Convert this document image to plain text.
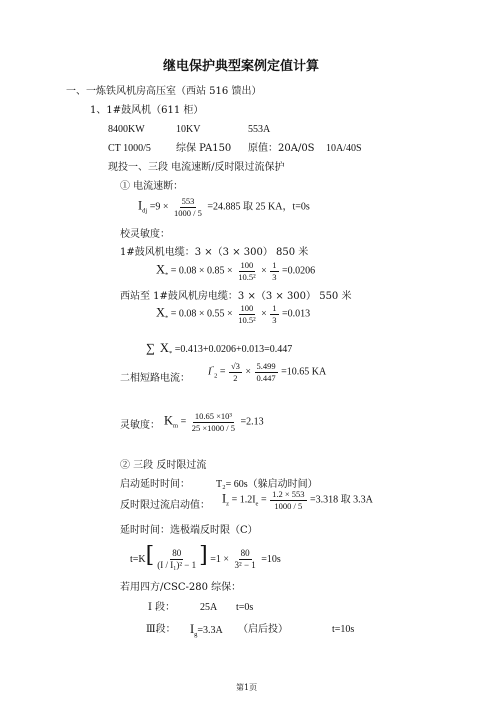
继电保护典型案例定值计算
一、一炼铁风机房高压室（西站 516 馈出）
1、1#鼓风机（611 柜）
8400KW	10KV	553A
CT 1000/5	综保 PA150 原值：20A/0S 10A/40S
现投一、三段 电流速断/反时限过流保护
① 电流速断：
$I_{dj} =9 \times \frac{553}{1000 / 5} =24.885$ 取 25 KA，t=0s
校灵敏度：
1#鼓风机电缆：3 ×（3 × 300） 850 米
$X_* = 0.08 \times 0.85 \times \frac{100}{\text{10.5²}} \times \frac{1}{3} =0.0206$
西站至 1#鼓风机房电缆：3 ×（3 × 300） 550 米
$X_* = 0.08 \times 0.55 \times \frac{100}{\text{10.5²}} \times \frac{1}{3} =0.013$
∑ $X_* =0.413+0.0206+0.013=0.447$
二相短路电流：
$I''_2 = \frac{√3}{2} \times \frac{5.499}{0.447} =10.65$ KA
灵敏度： $K_m = \frac{\text{10.65 ×10³}}{25 \times 1000 / 5} =2.13$
② 三段 反时限过流
启动延时时间：	T₂= 60s（躲启动时间）
反时限过流启动值：
$I_z = 1.2I_e = \frac{1.2 \times 553}{1000 / 5} =3.318$ 取 3.3A
延时时间：选极端反时限（C）
$t=K[ \frac{80}{\text{(I / I₁)² − 1}}$ ] $=1 \times \frac{80}{\text{3² − 1}} =10s$
若用四方/CSC-280 综保：
Ⅰ 段： 25A t=0s
Ⅲ段： $I_g=3.3A$ （启后投）	t=10s
第1页
